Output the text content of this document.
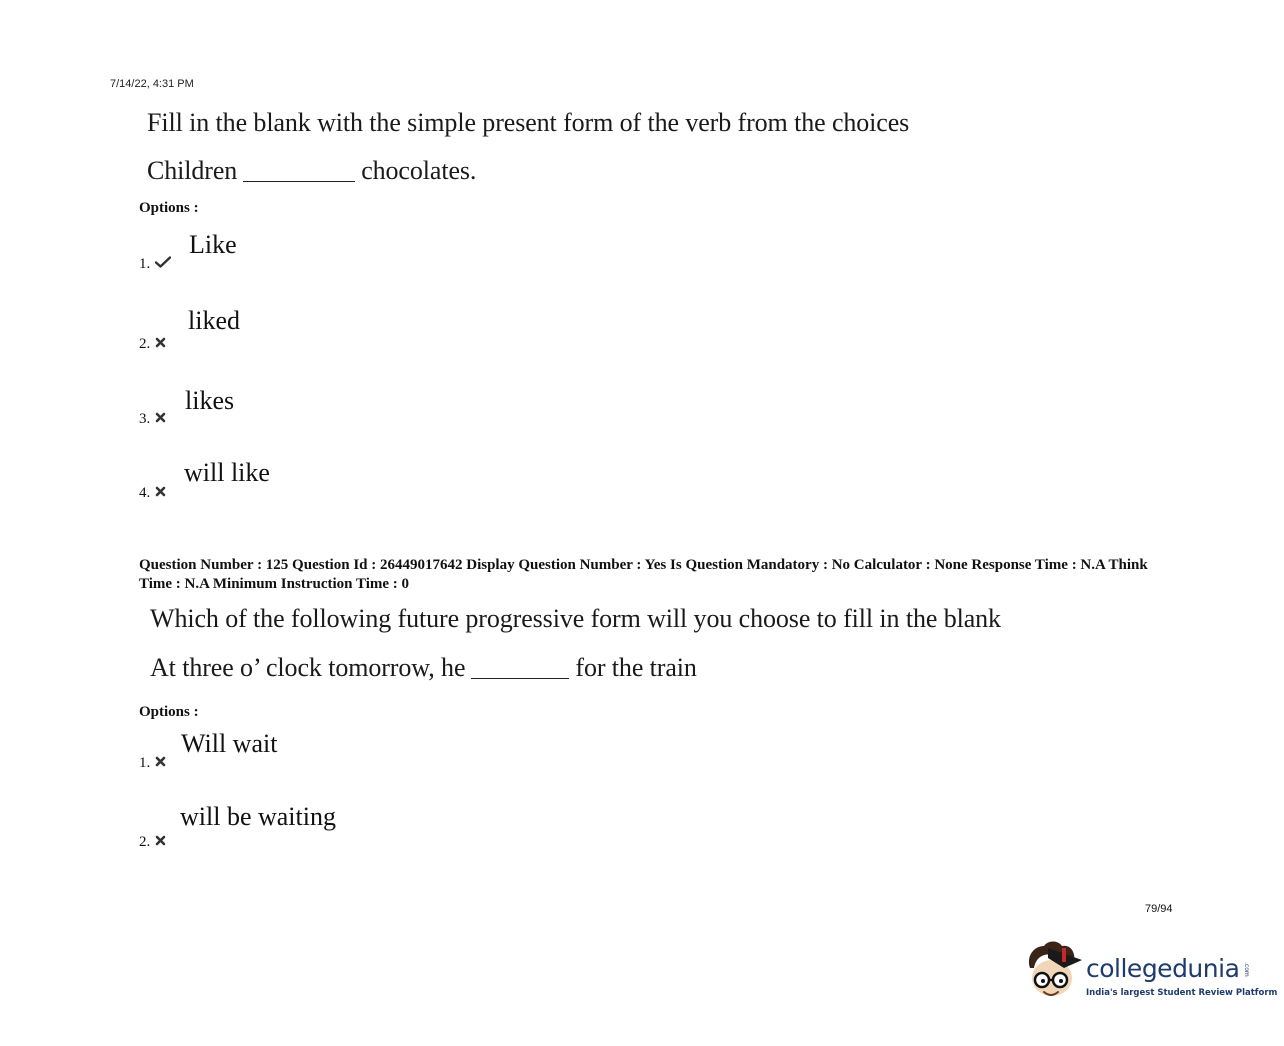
7/14/22, 4:31 PM
Fill in the blank with the simple present form of the verb from the choices
Children	chocolates.
Options :
1.
Like
2.
liked
3.
likes
4.
will like
Question Number : 125 Question Id : 26449017642 Display Question Number : Yes Is Question Mandatory : No Calculator : None Response Time : N.A Think Time : N.A Minimum Instruction Time : 0
Which of the following future progressive form will you choose to fill in the blank
At three o’ clock tomorrow, he	for the train
Options :
1.
Will wait
2.
will be waiting
79/94
collegedunia .com
India's largest Student Review Platform
